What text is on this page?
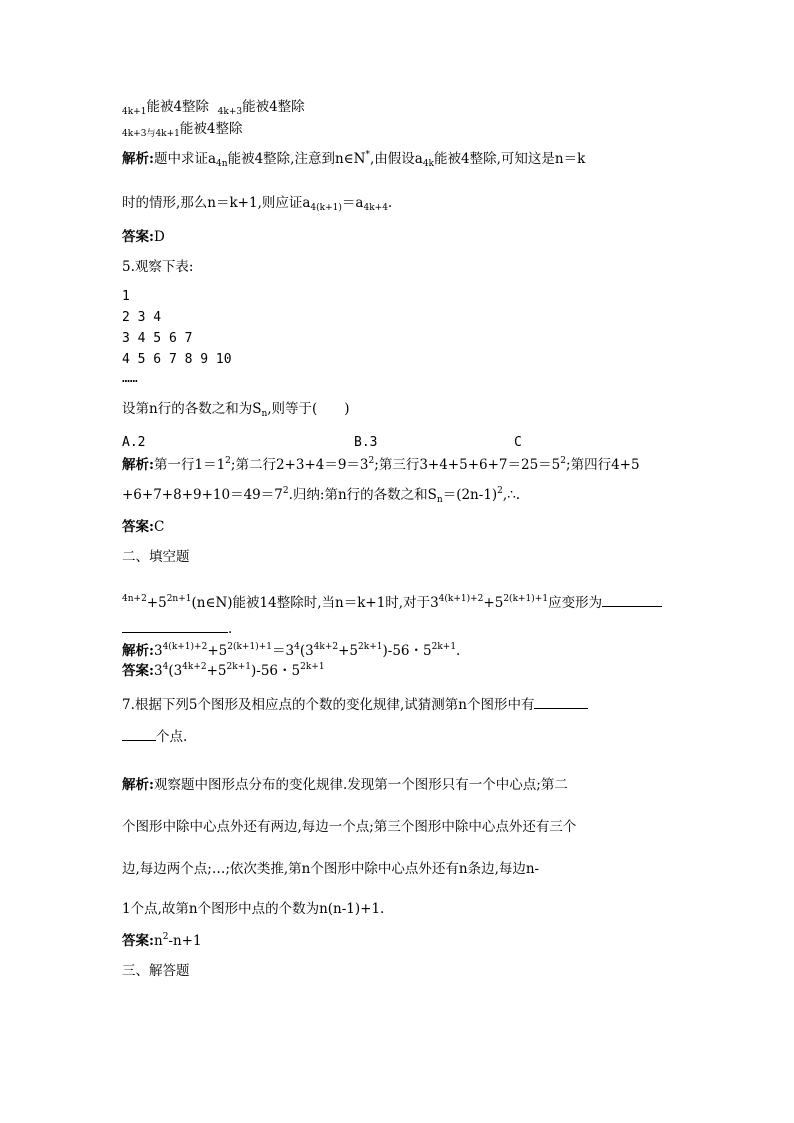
$_{4k+1}$能被4整除 $_{4k+3}$能被4整除
$_{4k+3与4k+1}$能被4整除
解析:题中求证$a_{4n}$能被4整除,注意到n∈N*,由假设$a_{4k}$能被4整除,可知这是n＝k
时的情形,那么n＝k+1,则应证$a_{4(k+1)}=a_{4k+4}$.
答案:D
5.观察下表:
1
2 3 4
3 4 5 6 7
4 5 6 7 8 9 10
……
设第n行的各数之和为$S_n$,则等于(　　)
A.2	B.3	C
解析:第一行$1=1^2$;第二行$2+3+4=9=3^2$;第三行$3+4+5+6+7=25=5^2$;第四行4+5
$+6+7+8+9+10=49=7^2$.归纳:第n行的各数之和$S_n=(2n-1)^2,\therefore$.
答案:C
二、填空题
$^{4n+2}+5^{2n+1}(n\in N)$能被14整除时,当n＝k+1时,对于$3^{4(k+1)+2}+5^{2(k+1)+1}$应变形为
.
解析$:3^{4(k+1)+2}+5^{2(k+1)+1}=3^4(3^{4k+2}+5^{2k+1})-56$・$5^{2k+1}$.
答案$:3^4(3^{4k+2}+5^{2k+1})-56$・$5^{2k+1}$
7.根据下列5个图形及相应点的个数的变化规律,试猜测第n个图形中有
个点.
解析:观察题中图形点分布的变化规律.发现第一个图形只有一个中心点;第二
个图形中除中心点外还有两边,每边一个点;第三个图形中除中心点外还有三个
边,每边两个点;…;依次类推,第n个图形中除中心点外还有n条边,每边n-
1个点,故第n个图形中点的个数为n(n-1)+1.
答案$:n^2-n+1$
三、解答题
